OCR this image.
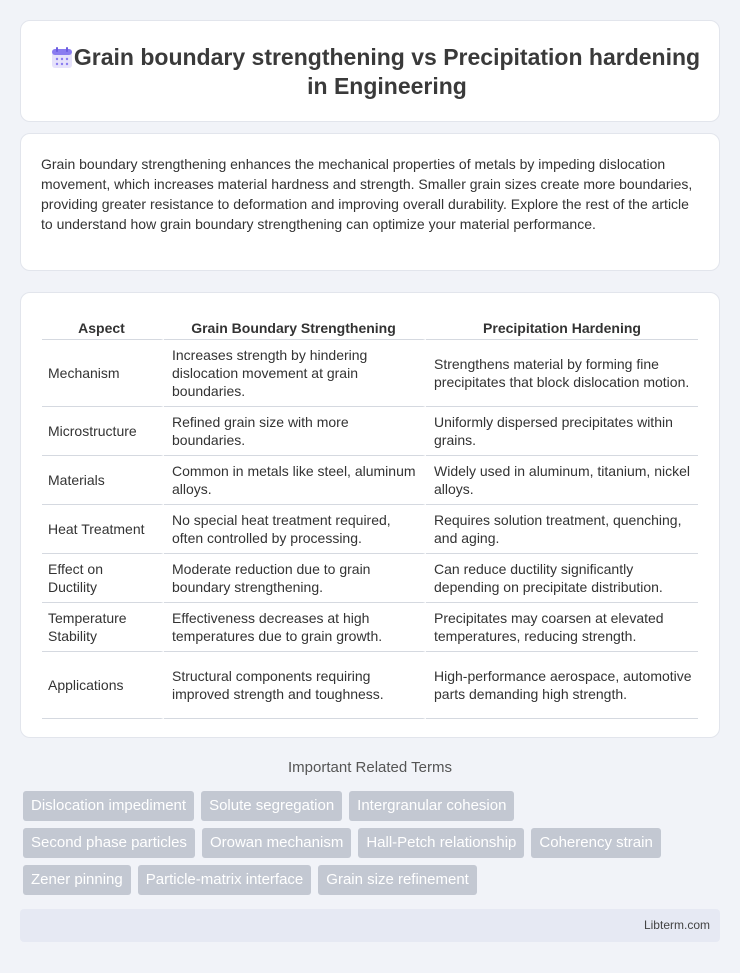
Grain boundary strengthening vs Precipitation hardening in Engineering

Grain boundary strengthening enhances the mechanical properties of metals by impeding dislocation movement, which increases material hardness and strength. Smaller grain sizes create more boundaries, providing greater resistance to deformation and improving overall durability. Explore the rest of the article to understand how grain boundary strengthening can optimize your material performance.

Aspect	Grain Boundary Strengthening	Precipitation Hardening
Mechanism	Increases strength by hindering dislocation movement at grain boundaries.	Strengthens material by forming fine precipitates that block dislocation motion.
Microstructure	Refined grain size with more boundaries.	Uniformly dispersed precipitates within grains.
Materials	Common in metals like steel, aluminum alloys.	Widely used in aluminum, titanium, nickel alloys.
Heat Treatment	No special heat treatment required, often controlled by processing.	Requires solution treatment, quenching, and aging.
Effect on Ductility	Moderate reduction due to grain boundary strengthening.	Can reduce ductility significantly depending on precipitate distribution.
Temperature Stability	Effectiveness decreases at high temperatures due to grain growth.	Precipitates may coarsen at elevated temperatures, reducing strength.
Applications	Structural components requiring improved strength and toughness.	High-performance aerospace, automotive parts demanding high strength.
Important Related Terms
Dislocation impediment	Solute segregation	Intergranular cohesion
Second phase particles	Orowan mechanism	Hall-Petch relationship	Coherency strain
Zener pinning	Particle-matrix interface	Grain size refinement
Libterm.com
